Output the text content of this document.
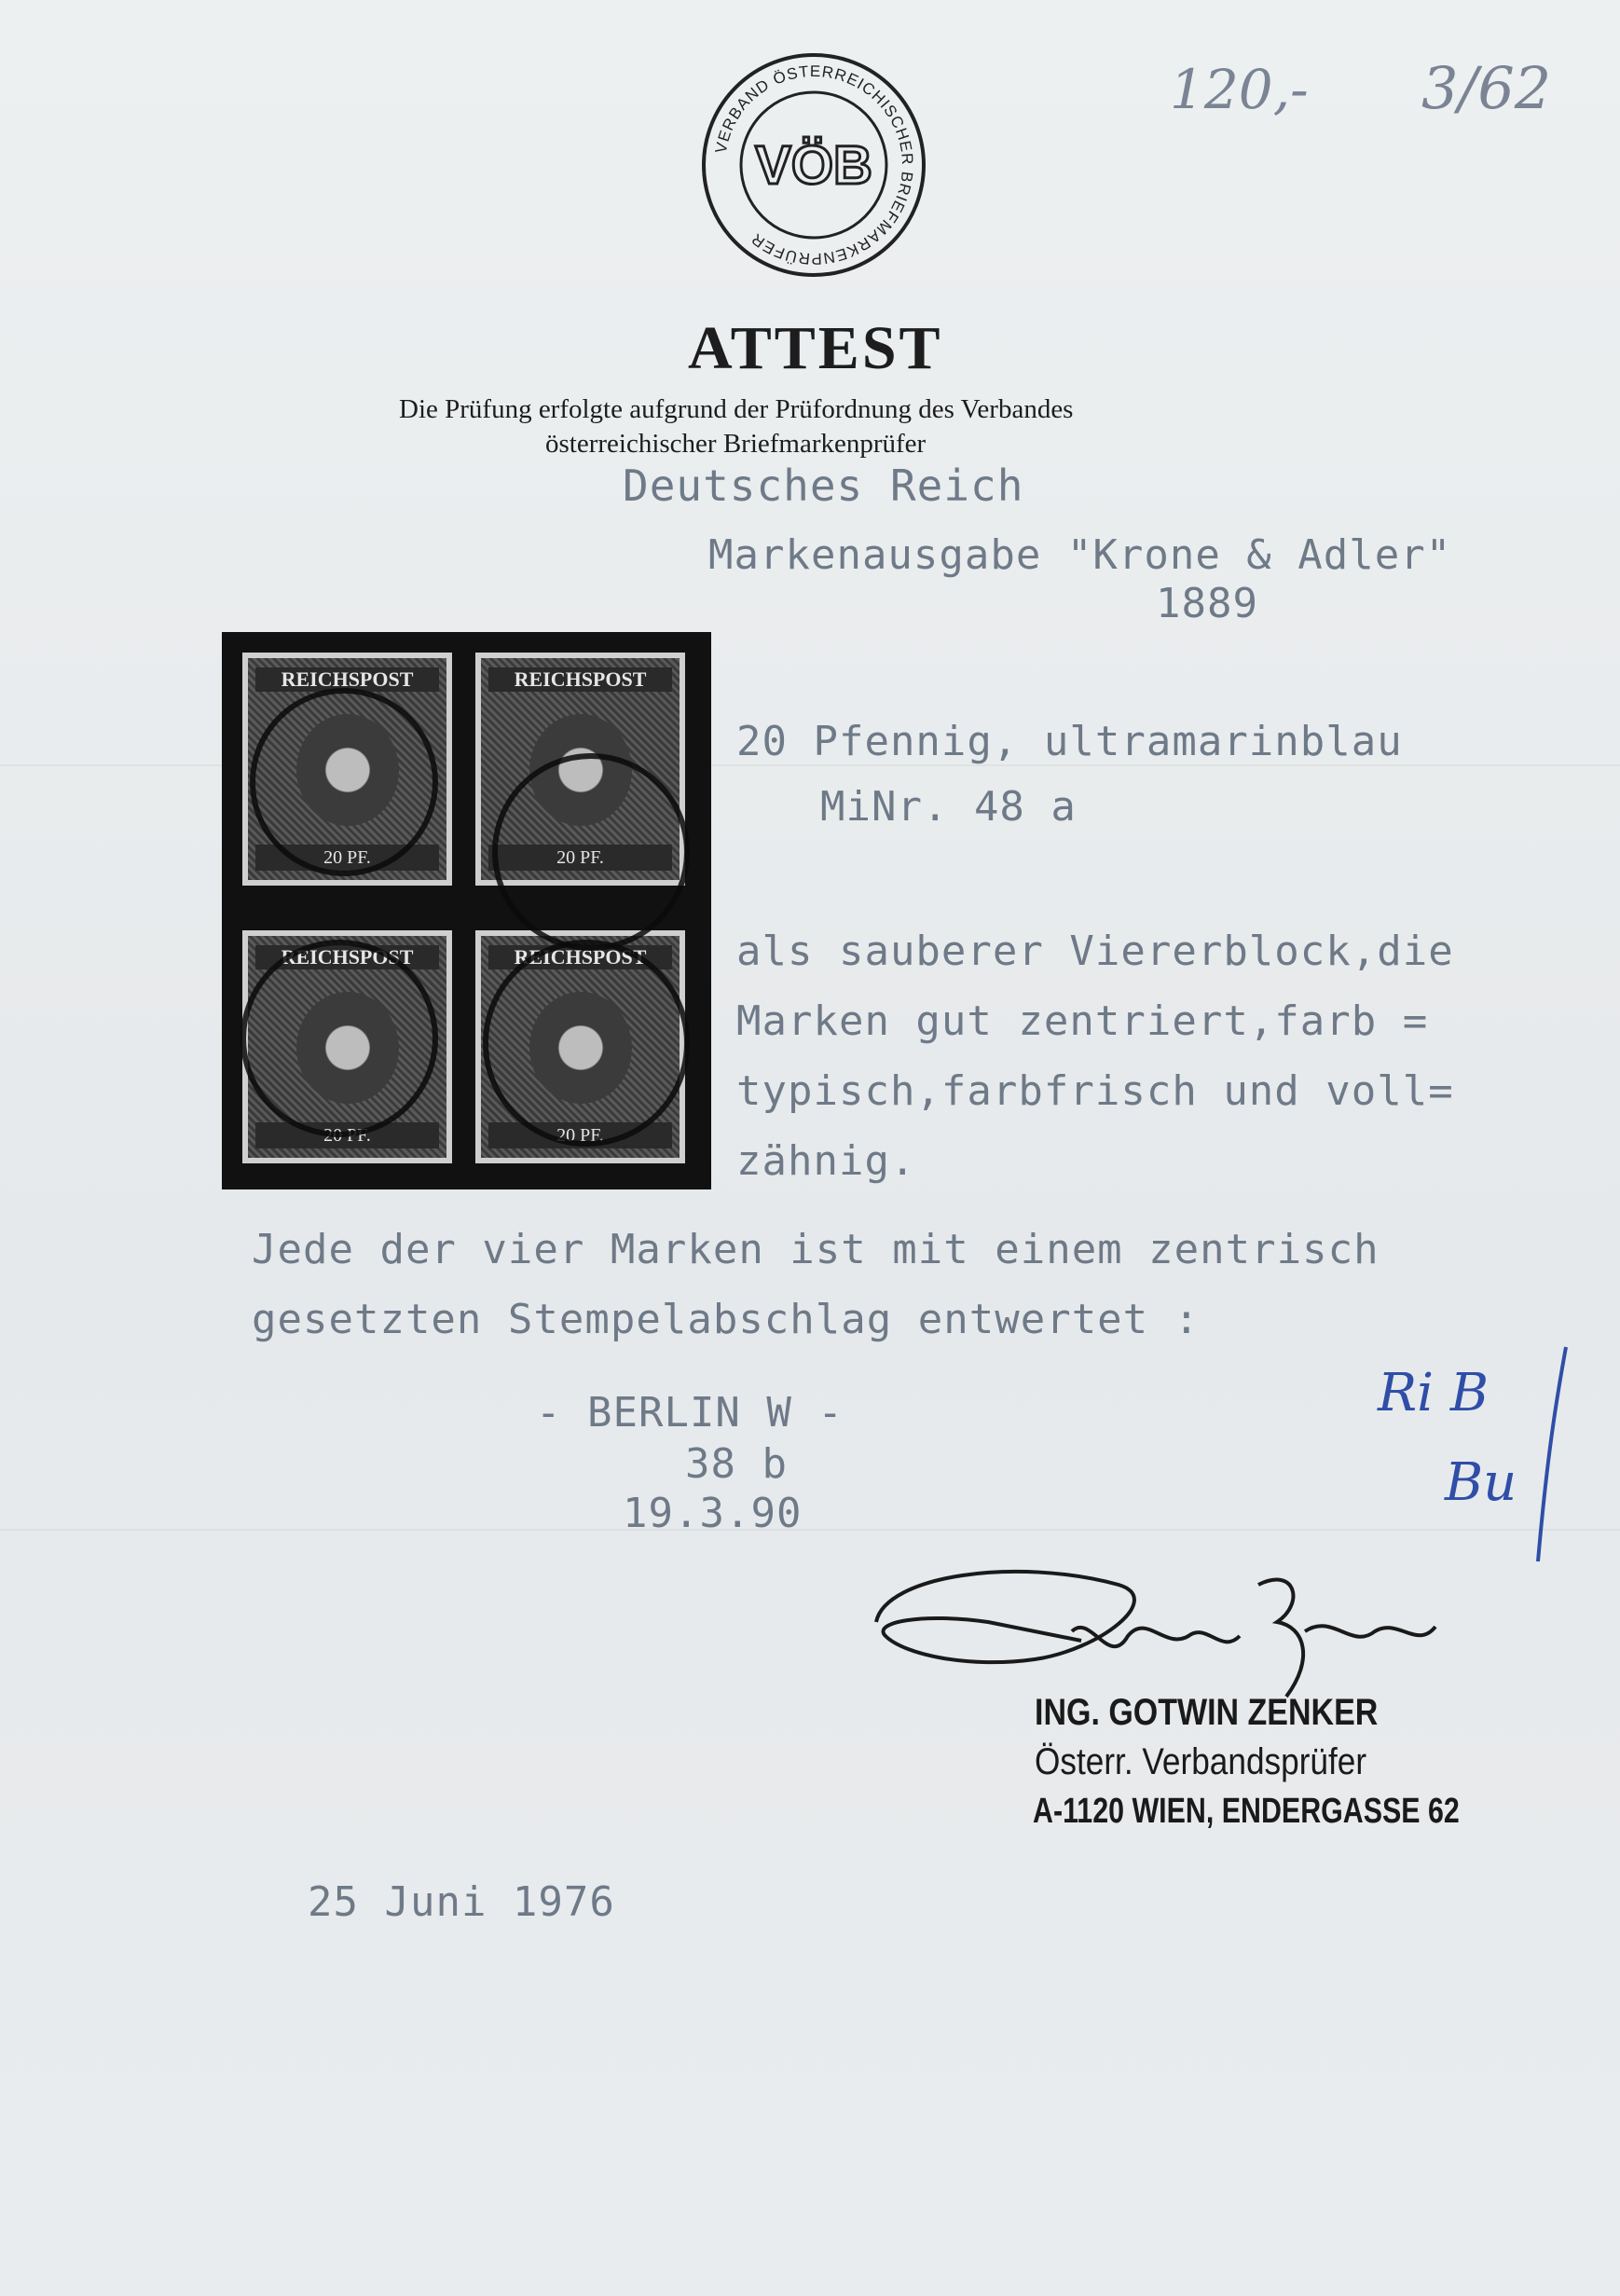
VERBAND ÖSTERREICHISCHER BRIEFMARKENPRÜFER
VÖB
120,- 3/62
ATTEST
Die Prüfung erfolgte aufgrund der Prüfordnung des Verbandes
österreichischer Briefmarkenprüfer
Deutsches Reich
Markenausgabe "Krone & Adler"
1889
REICHSPOST
20 PF.
REICHSPOST
20 PF.
REICHSPOST
20 PF.
REICHSPOST
20 PF.
20 Pfennig, ultramarinblau
MiNr. 48 a
als sauberer Viererblock,die
Marken gut zentriert,farb =
typisch,farbfrisch und voll=
zähnig.
Jede der vier Marken ist mit einem zentrisch
gesetzten Stempelabschlag entwertet :
- BERLIN W -
38 b
19.3.90
Ri B
Bu
ING. GOTWIN ZENKER
Österr. Verbandsprüfer
A-1120 WIEN, ENDERGASSE 62
25 Juni 1976
